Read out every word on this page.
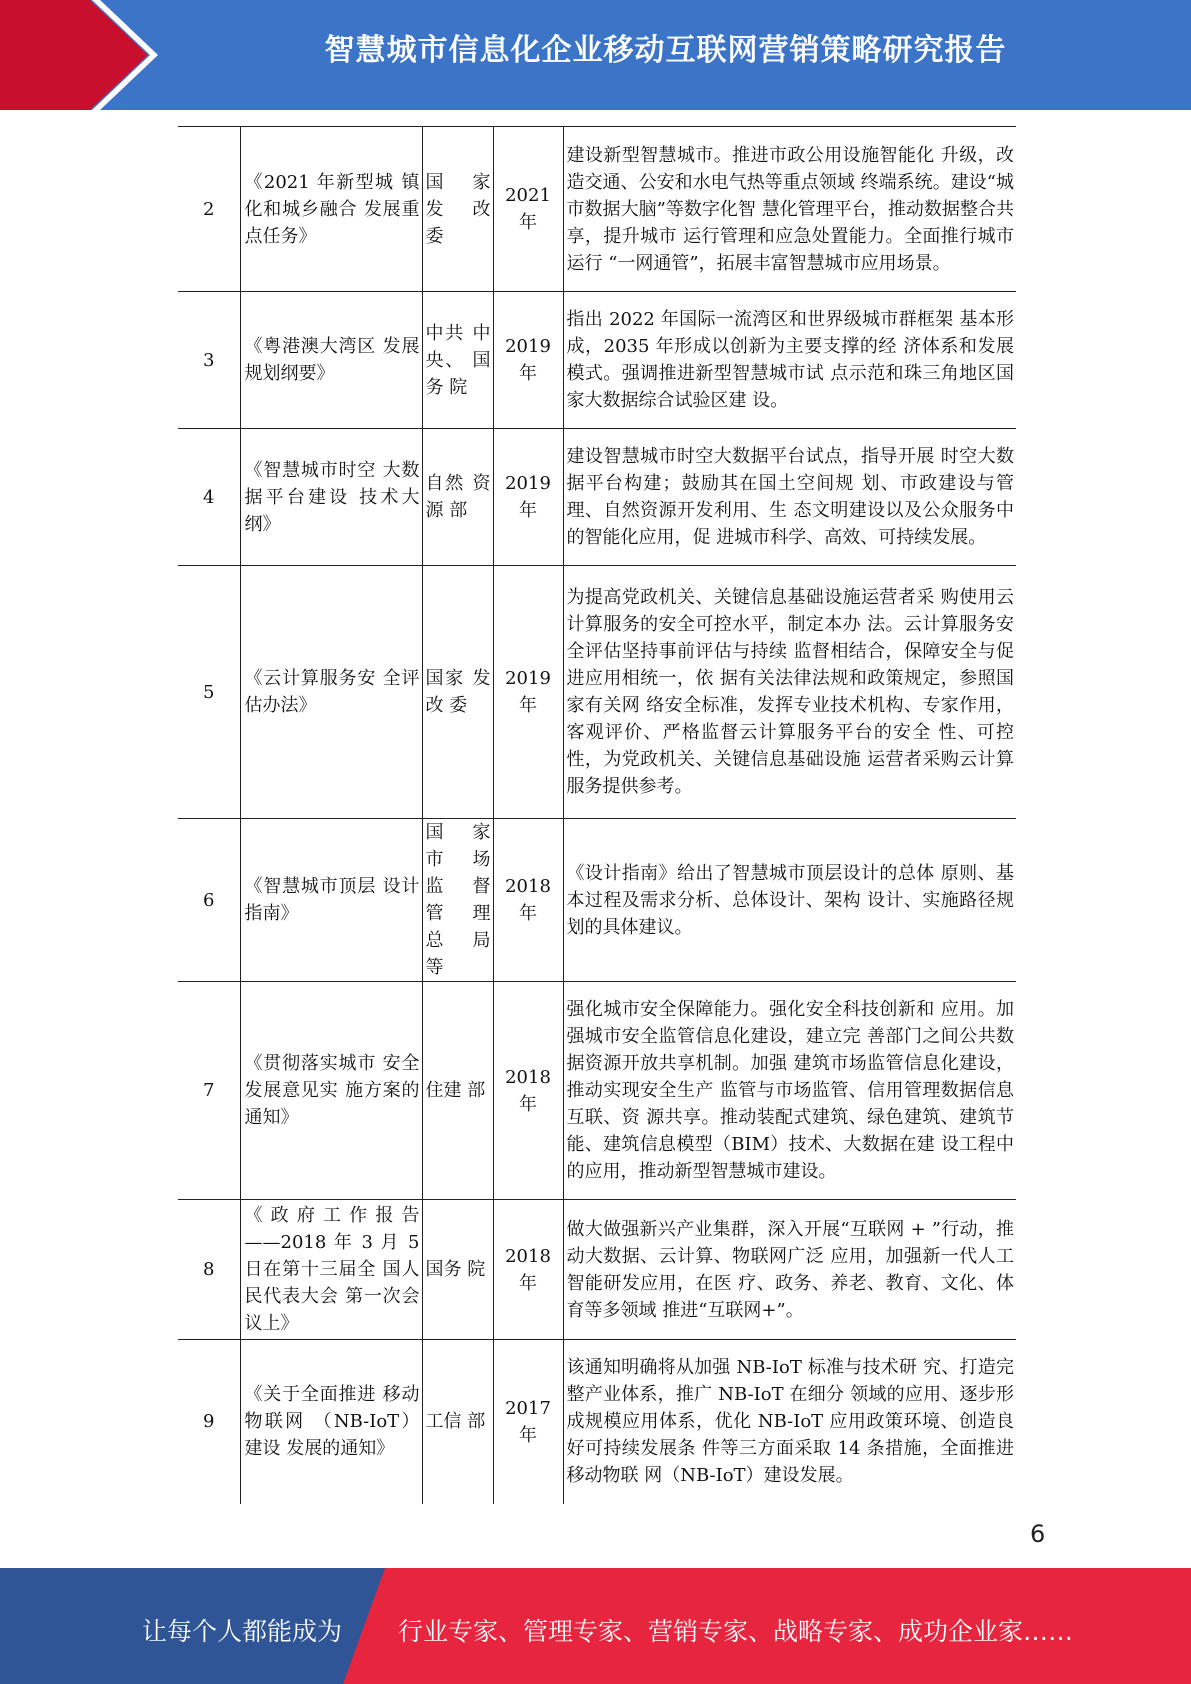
智慧城市信息化企业移动互联网营销策略研究报告
2	《2021 年新型城 镇化和城乡融合 发展重点任务》	国 家 发 改 委	2021 年	建设新型智慧城市。推进市政公用设施智能化 升级，改造交通、公安和水电气热等重点领域 终端系统。建设“城市数据大脑”等数字化智 慧化管理平台，推动数据整合共享，提升城市 运行管理和应急处置能力。全面推行城市运行 “一网通管”，拓展丰富智慧城市应用场景。
3	《粤港澳大湾区 发展规划纲要》	中共 中 央、 国务 院	2019 年	指出 2022 年国际一流湾区和世界级城市群框架 基本形成，2035 年形成以创新为主要支撑的经 济体系和发展模式。强调推进新型智慧城市试 点示范和珠三角地区国家大数据综合试验区建 设。
4	《智慧城市时空 大数据平台建设 技术大纲》	自然 资源 部	2019 年	建设智慧城市时空大数据平台试点，指导开展 时空大数据平台构建；鼓励其在国土空间规 划、市政建设与管理、自然资源开发利用、生 态文明建设以及公众服务中的智能化应用，促 进城市科学、高效、可持续发展。
5	《云计算服务安 全评估办法》	国家 发改 委	2019 年	为提高党政机关、关键信息基础设施运营者采 购使用云计算服务的安全可控水平，制定本办 法。云计算服务安全评估坚持事前评估与持续 监督相结合，保障安全与促进应用相统一，依 据有关法律法规和政策规定，参照国家有关网 络安全标准，发挥专业技术机构、专家作用， 客观评价、严格监督云计算服务平台的安全 性、可控性，为党政机关、关键信息基础设施 运营者采购云计算服务提供参考。
6	《智慧城市顶层 设计指南》	国 家 市 场 监 督 管 理 总 局 等	2018 年	《设计指南》给出了智慧城市顶层设计的总体 原则、基本过程及需求分析、总体设计、架构 设计、实施路径规划的具体建议。
7	《贯彻落实城市 安全发展意见实 施方案的通知》	住建 部	2018 年	强化城市安全保障能力。强化安全科技创新和 应用。加强城市安全监管信息化建设，建立完 善部门之间公共数据资源开放共享机制。加强 建筑市场监管信息化建设，推动实现安全生产 监管与市场监管、信用管理数据信息互联、资 源共享。推动装配式建筑、绿色建筑、建筑节 能、建筑信息模型（BIM）技术、大数据在建 设工程中的应用，推动新型智慧城市建设。
8	《 政 府 工 作 报 告 ——2018 年 3 月 5 日在第十三届全 国人民代表大会 第一次会议上》	国务 院	2018 年	做大做强新兴产业集群，深入开展“互联网 + ”行动，推动大数据、云计算、物联网广泛 应用，加强新一代人工智能研发应用，在医 疗、政务、养老、教育、文化、体育等多领域 推进“互联网+”。
9	《关于全面推进 移动物联网 （NB-IoT）建设 发展的通知》	工信 部	2017 年	该通知明确将从加强 NB-IoT 标准与技术研 究、打造完整产业体系，推广 NB-IoT 在细分 领域的应用、逐步形成规模应用体系，优化 NB-IoT 应用政策环境、创造良好可持续发展条 件等三方面采取 14 条措施，全面推进移动物联 网（NB-IoT）建设发展。
6
让每个人都能成为 行业专家、管理专家、营销专家、战略专家、成功企业家……
